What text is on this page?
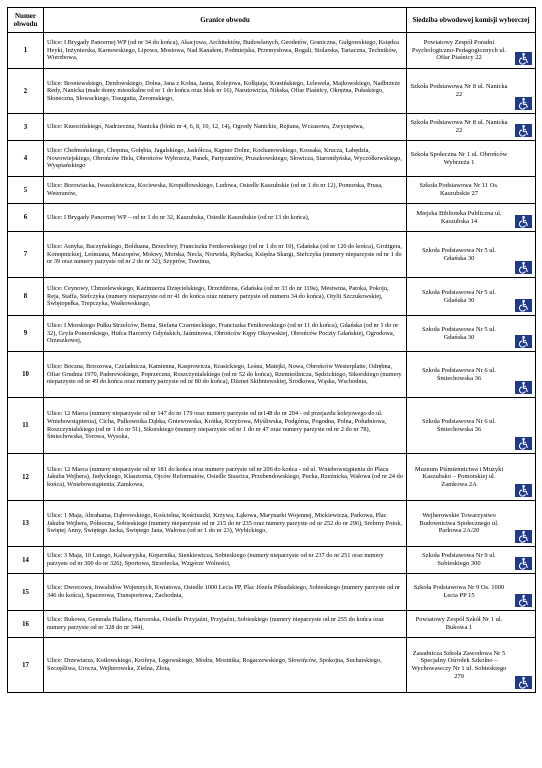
Numer obwodu	Granice obwodu	Siedziba obwodowej komisji wyborczej
1	Ulice: I Brygady Pancernej WP (od nr 34 do końca), Akacjowa, Architektów, Budowlanych, Geodetów, Graniczna, Gułgowskiego, Księdza Heyki, Inżynierska, Karnowskiego, Lipowa, Mostowa, Nad Kanałem, Podmiejska, Przemysłowa, Rogali, Stolarska, Tartaczna, Techników, Wierzbowa,	Powiatowy Zespół Poradni Psychologiczno-Pedagogicznych ul. Ofiar Piaśnicy 22

2	Ulice: Broniewskiego, Derdowskiego, Dolna, Jana z Kolna, Jasna, Kolejowa, Kołłątaja, Krasińskiego, Lelewela, Majkowskiego, Nadbrzeże Redy, Nanicka (małe domy mieszkalne od nr 1 do końca oraz blok nr 16), Narutowicza, Nikska, Ofiar Piaśnicy, Okrężna, Pułaskiego, Słoneczna, Słowackiego, Traugutta, Żeromskiego,	Szkoła Podstawowa Nr 8 ul. Nanicka 22

3	Ulice: Kusocińskiego, Nadrzeczna, Nanicka (bloki nr 4, 6, 8, 10, 12, 14), Ogrody Nanickie, Rejtana, Wczasowa, Zwycięstwa,	Szkoła Podstawowa Nr 8 ul. Nanicka 22

4	Ulice: Chełmońskiego, Chopina, Gołębia, Jagalskiego, Jaskółcza, Kąpino Dolne, Kochanowskiego, Kossaka, Krucza, Łabędzia, Nowowiejskiego, Obrońców Helu, Obrońców Wybrzeża, Panek, Partyzantów, Pruszkowskiego, Słowicza, Staromłyńska, Wyczółkowskiego, Wyspiańskiego	Szkoła Społeczna Nr 1 ul. Obrońców Wybrzeża 1

5	Ulice: Borowiacka, Iwaszkiewicza, Kociewska, Kropidłowskiego, Ludowa, Osiedle Kaszubskie (od nr 1 do nr 12), Pomorska, Prusa, Weteranów,	Szkoła Podstawowa Nr 11 Os. Kaszubskie 27

6	Ulice: I Brygady Pancernej WP – od nr 1 do nr 32, Kaszubska, Osiedle Kaszubskie (od nr 13 do końca),	Miejska Biblioteka Publiczna ul. Kaszubska 14

7	Ulice: Asnyka, Baczyńskiego, Bolduana, Brzechwy, Franciszka Fenikowskiego (od nr 1 do nr 10), Gdańska (od nr 120 do końca), Grottgera, Konopnickiej, Leśmiana, Maszopów, Mokwy, Morska, Necla, Norwida, Rybacka, Księdza Skargi, Stefczyka (numery nieparzyste od nr 1 do nr 39 oraz numery parzyste od nr 2 do nr 32), Szyprów, Tuwima,	Szkoła Podstawowa Nr 5 ul. Gdańska 30

8	Ulice: Ceynowy, Chmielewskiego, Kazimierza Dzięcielskiego, Drzeżdżona, Gdańska (od nr 33 do nr 119a), Mestwina, Patoka, Pokoju, Reja, Staffa, Stefczyka (numery nieparzyste od nr 41 do końca oraz numery parzyste od numeru 34 do końca), Otylii Szczukowskiej, Świętopełka, Trepczyka, Waśkowskiego,	Szkoła Podstawowa Nr 5 ul. Gdańska 30

9	Ulice: I Morskiego Pułku Strzelców, Bema, Stefana Czarnieckiego, Franciszka Fenikowskiego (od nr 11 do końca), Gdańska (od nr 1 do nr 32), Gryfa Pomorskiego, Hufca Harcerzy Gdyńskich, Jaśminowa, Obrońców Kępy Oksywskiej, Obrońców Poczty Gdańskiej, Ogrodowa, Orzeszkowej,	Szkoła Podstawowa Nr 5 ul. Gdańska 30

10	Ulice: Boczna, Brzozowa, Czeladnicza, Kamienna, Kasprowicza, Krasickiego, Leśna, Matejki, Nowa, Obrońców Westerplatte, Odrębna, Ofiar Grudnia 1970, Paderewskiego, Poprzeczna, Roszczynialskiego (od nr 52 do końca), Rzemieślnicza, Sędzickiego, Sikorskiego (numery nieparzyste od nr 49 do końca oraz numery parzyste od nr 80 do końca), Dżenet Skibniewskiej, Środkowa, Wąska, Wschodnia,	Szkoła Podstawowa Nr 6 ul. Śmiechowska 36

11	Ulice: 12 Marca (numery nieparzyste od nr 147 do nr 179 oraz numery parzyste od nr148 do nr 204 - od przejazdu kolejowego do ul. Wniebowstąpienia), Cicha, Pułkownika Dąbka, Gniewowska, Krótka, Krzyżowa, Myśliwska, Podgórna, Pogodna, Polna, Południowa, Roszczynialskiego (od nr 1 do nr 51), Sikorskiego (numery nieparzyste od nr 1 do nr 47 oraz numery parzyste od nr 2 do nr 78), Śmiechowska, Torowa, Wysoka,	Szkoła Podstawowa Nr 6 ul. Śmiechowska 36

12	Ulice: 12 Marca (numery nieparzyste od nr 181 do końca oraz numery parzyste od nr 206 do końca - od ul. Wniebowstąpienia do Placu Jakuba Wejhera), Judyckiego, Klasztorna, Ojców Reformatów, Osiedle Staszica, Przebendowskiego, Pucka, Rzeźnicka, Wałowa (od nr 24 do końca), Wniebowstąpienia, Zamkowa,	Muzeum Piśmiennictwa i Muzyki Kaszubsko – Pomorskiej ul. Zamkowa 2A

13	Ulice: 1 Maja, Abrahama, Dąbrowskiego, Kościelna, Kościuszki, Krzywa, Łąkowa, Marynarki Wojennej, Mickiewicza, Parkowa, Plac Jakuba Wejhera, Północna, Sobieskiego (numery nieparzyste od nr 215 do nr 235 oraz numery parzyste od nr 252 do nr 296), Srebrny Potok, Świętej Anny, Świętego Jacka, Świętego Jana, Wałowa (od nr 1 do nr 23), Wybickiego,	Wejherowskie Towarzystwo Budownictwa Społecznego ul. Parkowa 2A/20

14	Ulice: 3 Maja, 10 Lutego, Kalwaryjska, Kopernika, Sienkiewicza, Sobieskiego (numery nieparzyste od nr 237 do nr 251 oraz numery parzyste od nr 300 do nr 326), Sportowa, Strzelecka, Wzgórze Wolności,	Szkoła Podstawowa Nr 9 ul. Sobieskiego 300

15	Ulice: Dworcowa, Inwalidów Wojennych, Kwiatowa, Osiedle 1000 Lecia PP, Plac Józefa Piłsudskiego, Sobieskiego (numery parzyste od nr 346 do końca), Spacerowa, Transportowa, Zachodnia,	Szkoła Podstawowa Nr 9 Os. 1000 Lecia PP 15

16	Ulice: Bukowa, Generała Hallera, Harcerska, Osiedle Przyjaźni, Przyjaźni, Sobieskiego (numery nieparzyste od nr 255 do końca oraz numery parzyste od nr 328 do nr 344),	Powiatowy Zespół Szkół Nr 1 ul. Bukowa 1

17	Ulice: Drzewiarza, Kotłowskiego, Krofeya, Łęgowskiego, Modra, Mostnika, Rogaczewskiego, Słowińców, Spokojna, Sucharskiego, Szczęśliwa, Urocza, Wejherowska, Zielna, Złota,	Zasadnicza Szkoła Zawodowa Nr 5 Specjalny Ośrodek Szkolno – Wychowawczy Nr 1 ul. Sobieskiego 279
